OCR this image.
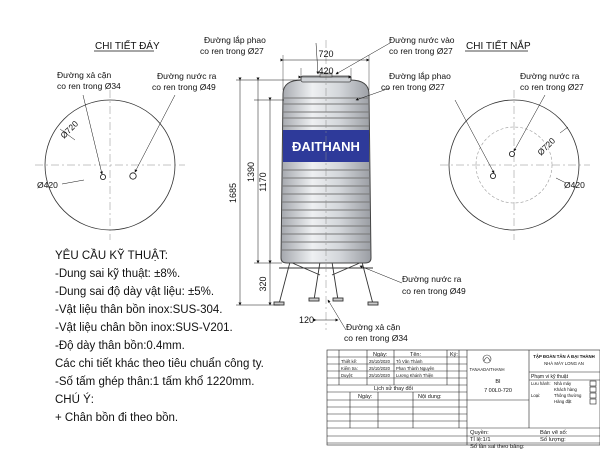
CHI TIẾT ĐÁY
Đường xả cặn
co ren trong Ø34
Đường nước ra
co ren trong Ø49
Ø720
Ø420
CHI TIẾT NẮP
Đường lắp phao
co ren trong Ø27
Đường nước ra
co ren trong Ø27
Ø720
Ø420
ĐAITHANH
720
420
1685
1390 1170
320
120
Đường lắp phao
co ren trong Ø27
Đường nước vào
co ren trong Ø27
Đường nước ra
co ren trong Ø49
Đường xả cặn
co ren trong Ø34
Ngày:	Tên:	Ký:
Thiết kế:	25/10/2020 Tô Văn Thành
Kiểm tra:	25/10/2020 Phan Thành Nguyên
Duyệt:	25/10/2020 Lương Khánh Thiện
Lịch sử thay đổi
Ngày:	Nội dung:
TANAADAITHANH
TẬP ĐOÀN TÂN Á ĐẠI THÀNH
NHÀ MÁY LONG AN
BI
7 00L0-720
Phạm vi kỹ thuật
Lưu hành: Nhà máy
Khách hàng
Loại:	Thông thường
Hàng đặt
Quyền:
Tỉ lệ:1/1
Số lần sai theo bảng:
Bản vẽ số:
Số lượng:
YÊU CẦU KỸ THUẬT:
-Dung sai kỹ thuật: ±8%.
-Dung sai độ dày vật liệu: ±5%.
-Vật liệu thân bồn inox:SUS-304.
-Vật liệu chân bồn inox:SUS-V201.
-Độ dày thân bồn:0.4mm.
Các chi tiết khác theo tiêu chuẩn công ty.
-Số tấm ghép thân:1 tấm khổ 1220mm.
CHÚ Ý:
+ Chân bồn đi theo bồn.
